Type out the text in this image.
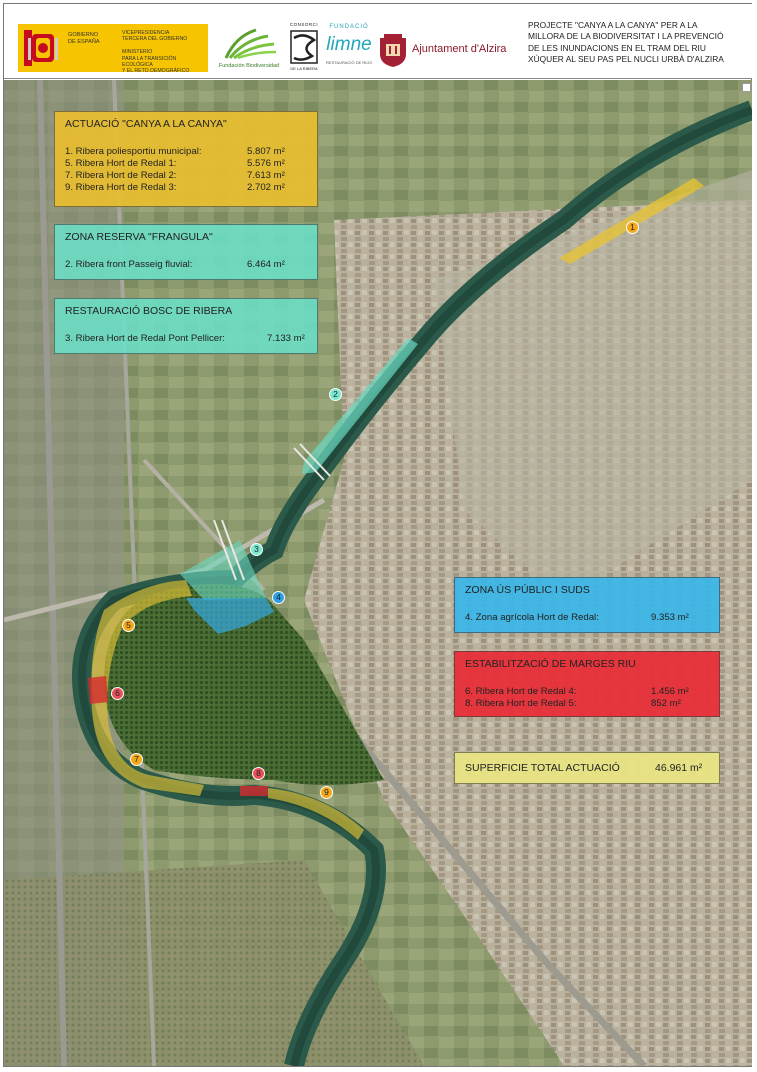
GOBIERNO
DE ESPAÑA
VICEPRESIDENCIA
TERCERA DEL GOBIERNO

MINISTERIO
PARA LA TRANSICIÓN ECOLÓGICA
Y EL RETO DEMOGRÁFICO
Fundación Biodiversidad
CONSORCI
DE LA RIBERA
FUNDACIÓ
limne
RESTAURACIÓ DE RIUS
Ajuntament d'Alzira
PROJECTE "CANYA A LA CANYA" PER A LA
MILLORA DE LA BIODIVERSITAT I LA PREVENCIÓ
DE LES INUNDACIONS EN EL TRAM DEL RIU
XÚQUER AL SEU PAS PEL NUCLI URBÀ D'ALZIRA
ACTUACIÓ "CANYA A LA CANYA"
1. Ribera poliesportiu municipal:	5.807 m²
5. Ribera Hort de Redal 1:	5.576 m²
7. Ribera Hort de Redal 2:	7.613 m²
9. Ribera Hort de Redal 3:	2.702 m²
ZONA RESERVA "FRANGULA"
2. Ribera front Passeig fluvial:	6.464 m²
RESTAURACIÓ BOSC DE RIBERA
3. Ribera Hort de Redal Pont Pellicer:	7.133 m²
ZONA ÚS PÚBLIC I SUDS
4. Zona agrícola Hort de Redal:	9.353 m²
ESTABILITZACIÓ DE MARGES RIU
6. Ribera Hort de Redal 4:	1.456 m²
8. Ribera Hort de Redal 5:	852 m²
SUPERFICIE TOTAL ACTUACIÓ	46.961 m²
1
2
3
4
5
6
7
8
9
